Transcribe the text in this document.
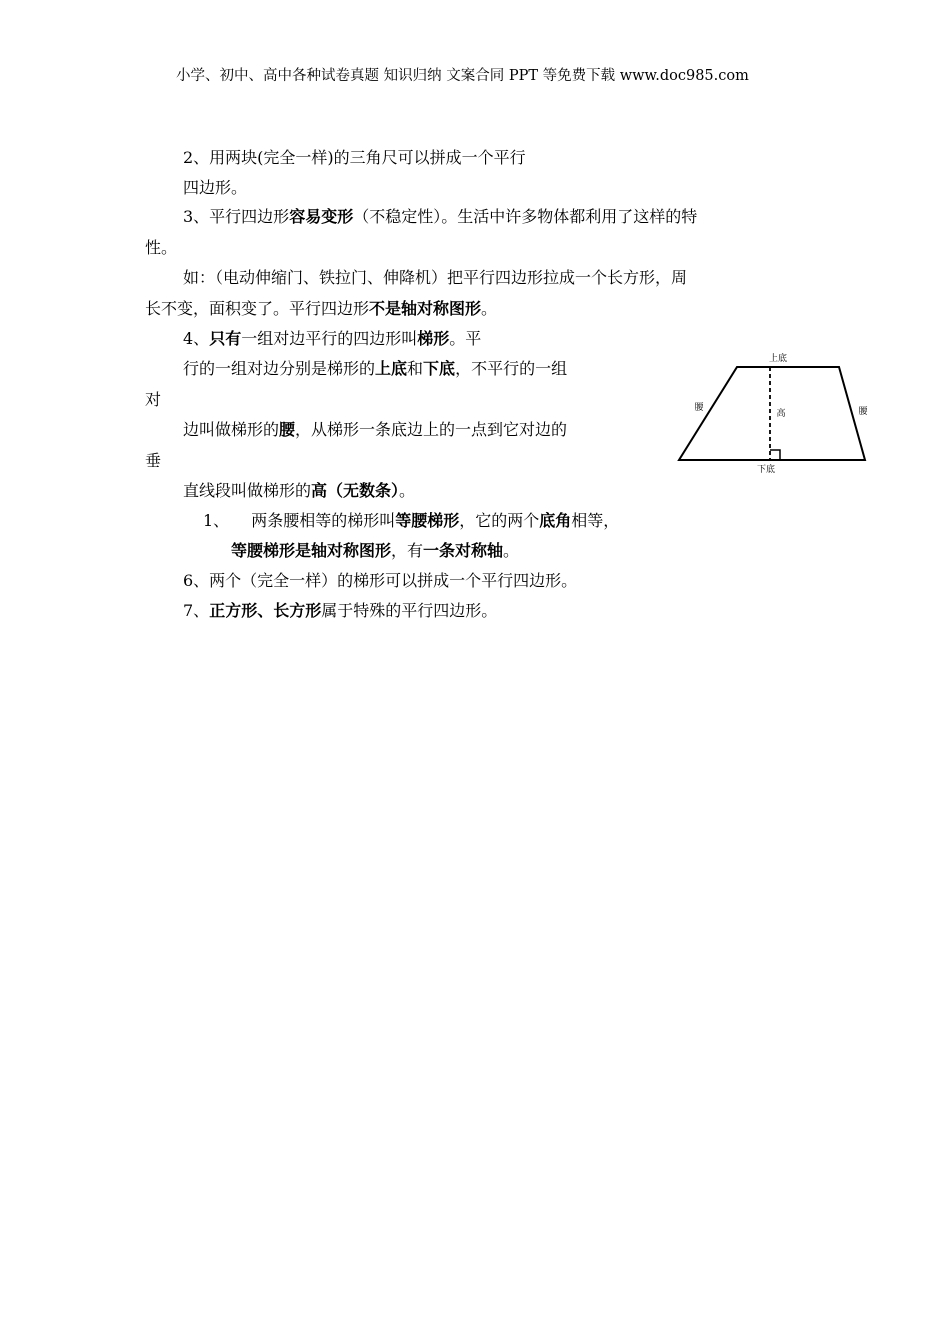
小学、初中、高中各种试卷真题 知识归纳 文案合同 PPT 等免费下载 www.doc985.com
2、用两块(完全一样)的三角尺可以拼成一个平行
四边形。
3、平行四边形容易变形（不稳定性）。生活中许多物体都利用了这样的特
性。
如：（电动伸缩门、铁拉门、伸降机）把平行四边形拉成一个长方形，周
长不变，面积变了。平行四边形不是轴对称图形。
4、只有一组对边平行的四边形叫梯形。平
行的一组对边分别是梯形的上底和下底，不平行的一组
对
边叫做梯形的腰，从梯形一条底边上的一点到它对边的
垂
直线段叫做梯形的高（无数条）。
1、 两条腰相等的梯形叫等腰梯形，它的两个底角相等，
等腰梯形是轴对称图形，有一条对称轴。
6、两个（完全一样）的梯形可以拼成一个平行四边形。
7、正方形、长方形属于特殊的平行四边形。
上底
下底
腰	腰
高
